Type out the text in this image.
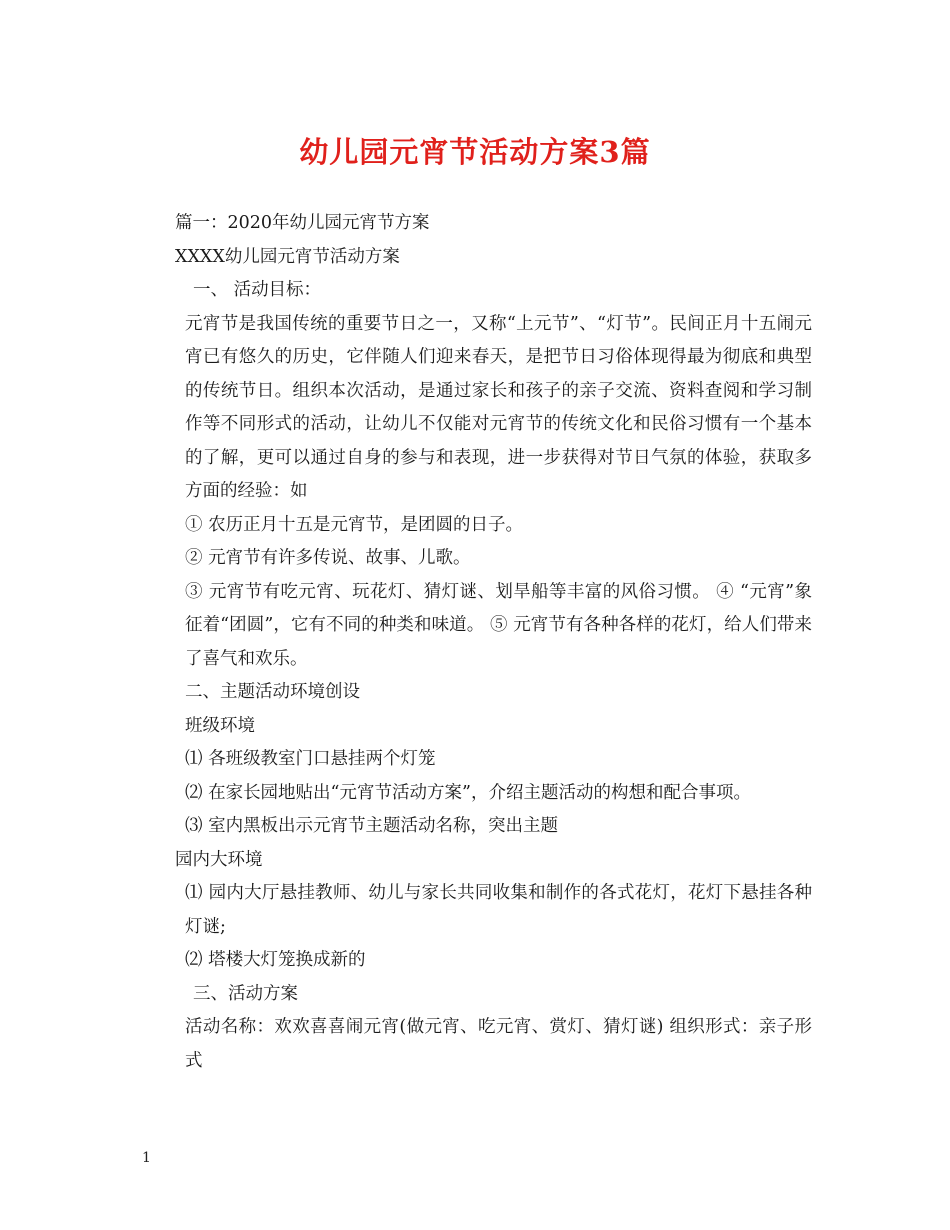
幼儿园元宵节活动方案3篇

篇一：2020年幼儿园元宵节方案

XXXX幼儿园元宵节活动方案

一、 活动目标：

元宵节是我国传统的重要节日之一，又称“上元节”、“灯节”。民间正月十五闹元宵已有悠久的历史，它伴随人们迎来春天，是把节日习俗体现得最为彻底和典型的传统节日。组织本次活动，是通过家长和孩子的亲子交流、资料查阅和学习制作等不同形式的活动，让幼儿不仅能对元宵节的传统文化和民俗习惯有一个基本的了解，更可以通过自身的参与和表现，进一步获得对节日气氛的体验，获取多方面的经验：如

① 农历正月十五是元宵节，是团圆的日子。

② 元宵节有许多传说、故事、儿歌。

③ 元宵节有吃元宵、玩花灯、猜灯谜、划旱船等丰富的风俗习惯。 ④ “元宵”象征着“团圆”，它有不同的种类和味道。 ⑤ 元宵节有各种各样的花灯，给人们带来了喜气和欢乐。

二、主题活动环境创设

班级环境

⑴ 各班级教室门口悬挂两个灯笼

⑵ 在家长园地贴出“元宵节活动方案”，介绍主题活动的构想和配合事项。

⑶ 室内黑板出示元宵节主题活动名称，突出主题

园内大环境

⑴ 园内大厅悬挂教师、幼儿与家长共同收集和制作的各式花灯，花灯下悬挂各种灯谜;

⑵ 塔楼大灯笼换成新的

三、活动方案

活动名称：欢欢喜喜闹元宵(做元宵、吃元宵、赏灯、猜灯谜) 组织形式：亲子形式

1
